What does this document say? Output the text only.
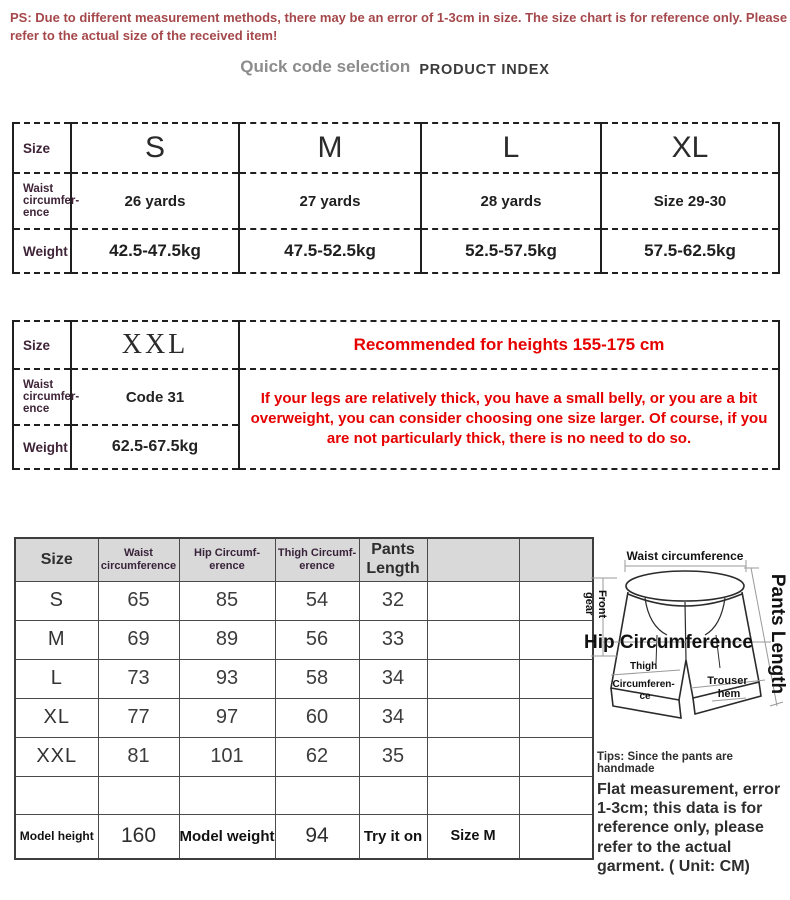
PS: Due to different measurement methods, there may be an error of 1-3cm in size. The size chart is for reference only. Please refer to the actual size of the received item!
Quick code selection PRODUCT INDEX
Size	S	M	L	XL
Waist circumfer-ence	26 yards	27 yards	28 yards	Size 29-30
Weight	42.5-47.5kg	47.5-52.5kg	52.5-57.5kg	57.5-62.5kg
Size	XXL	Recommended for heights 155-175 cm
Waist circumfer-ence	Code 31	If your legs are relatively thick, you have a small belly, or you are a bit overweight, you can consider choosing one size larger. Of course, if you are not particularly thick, there is no need to do so.
Weight	62.5-67.5kg	
Size	Waist circumference	Hip Circumf-erence	Thigh Circumf-erence	Pants Length		
S	65	85	54	32		
M	69	89	56	33		
L	73	93	58	34		
XL	77	97	60	34		
XXL	81	101	62	35		

Model height	160	Model weight	94	Try it on	Size M	
Waist circumference
Front gear
Hip Circumference Pants Length
Thigh Circumferen- ce
Trouser hem

Tips: Since the pants are handmade

Flat measurement, error 1-3cm; this data is for reference only, please refer to the actual garment. ( Unit: CM)
